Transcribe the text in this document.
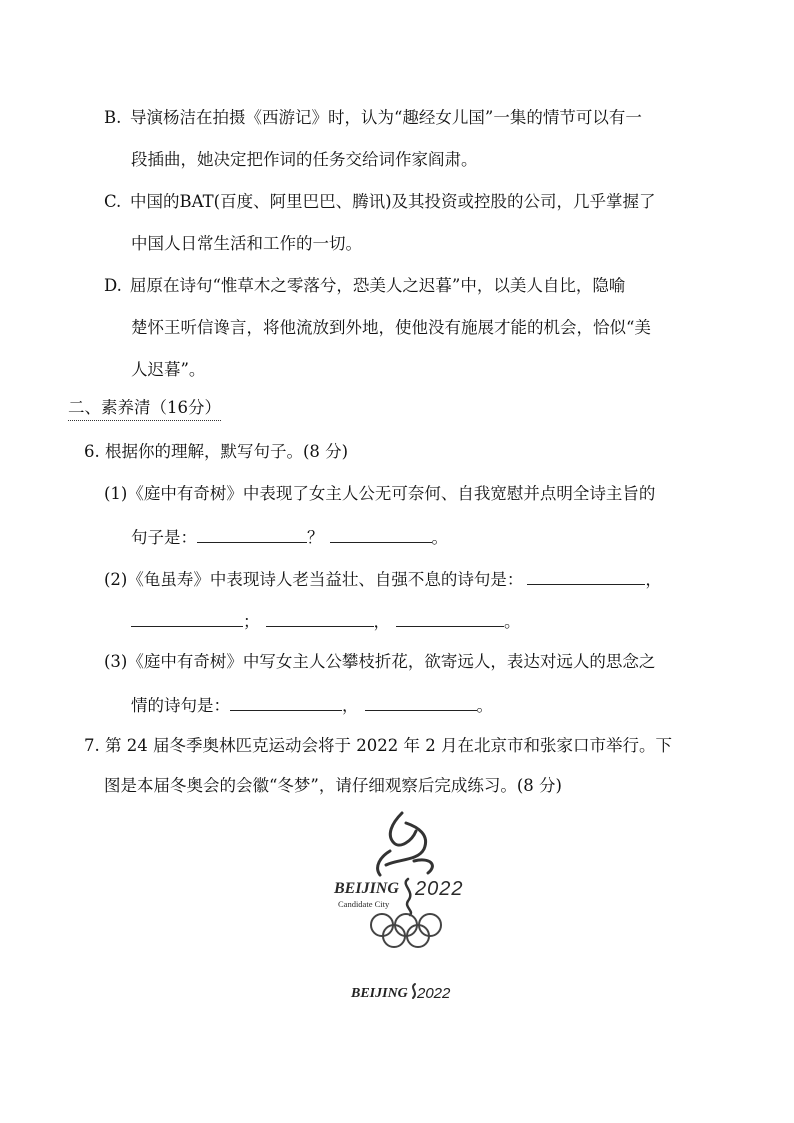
B. 导演杨洁在拍摄《西游记》时，认为“趣经女儿国”一集的情节可以有一
段插曲，她决定把作词的任务交给词作家阎肃。
C. 中国的BAT(百度、阿里巴巴、腾讯)及其投资或控股的公司，几乎掌握了
中国人日常生活和工作的一切。
D. 屈原在诗句“惟草木之零落兮，恐美人之迟暮”中，以美人自比，隐喻
楚怀王听信谗言，将他流放到外地，使他没有施展才能的机会，恰似“美
人迟暮”。
二、素养清（16分）
6. 根据你的理解，默写句子。(8 分)
(1)《庭中有奇树》中表现了女主人公无可奈何、自我宽慰并点明全诗主旨的
句子是：	？	。
(2)《龟虽寿》中表现诗人老当益壮、自强不息的诗句是：	，
；	，	。
(3)《庭中有奇树》中写女主人公攀枝折花，欲寄远人，表达对远人的思念之
情的诗句是：	，	。
7. 第 24 届冬季奥林匹克运动会将于 2022 年 2 月在北京市和张家口市举行。下
图是本届冬奥会的会徽“冬梦”，请仔细观察后完成练习。(8 分)
BEIJING 2022
Candidate City
BEIJING 2022
